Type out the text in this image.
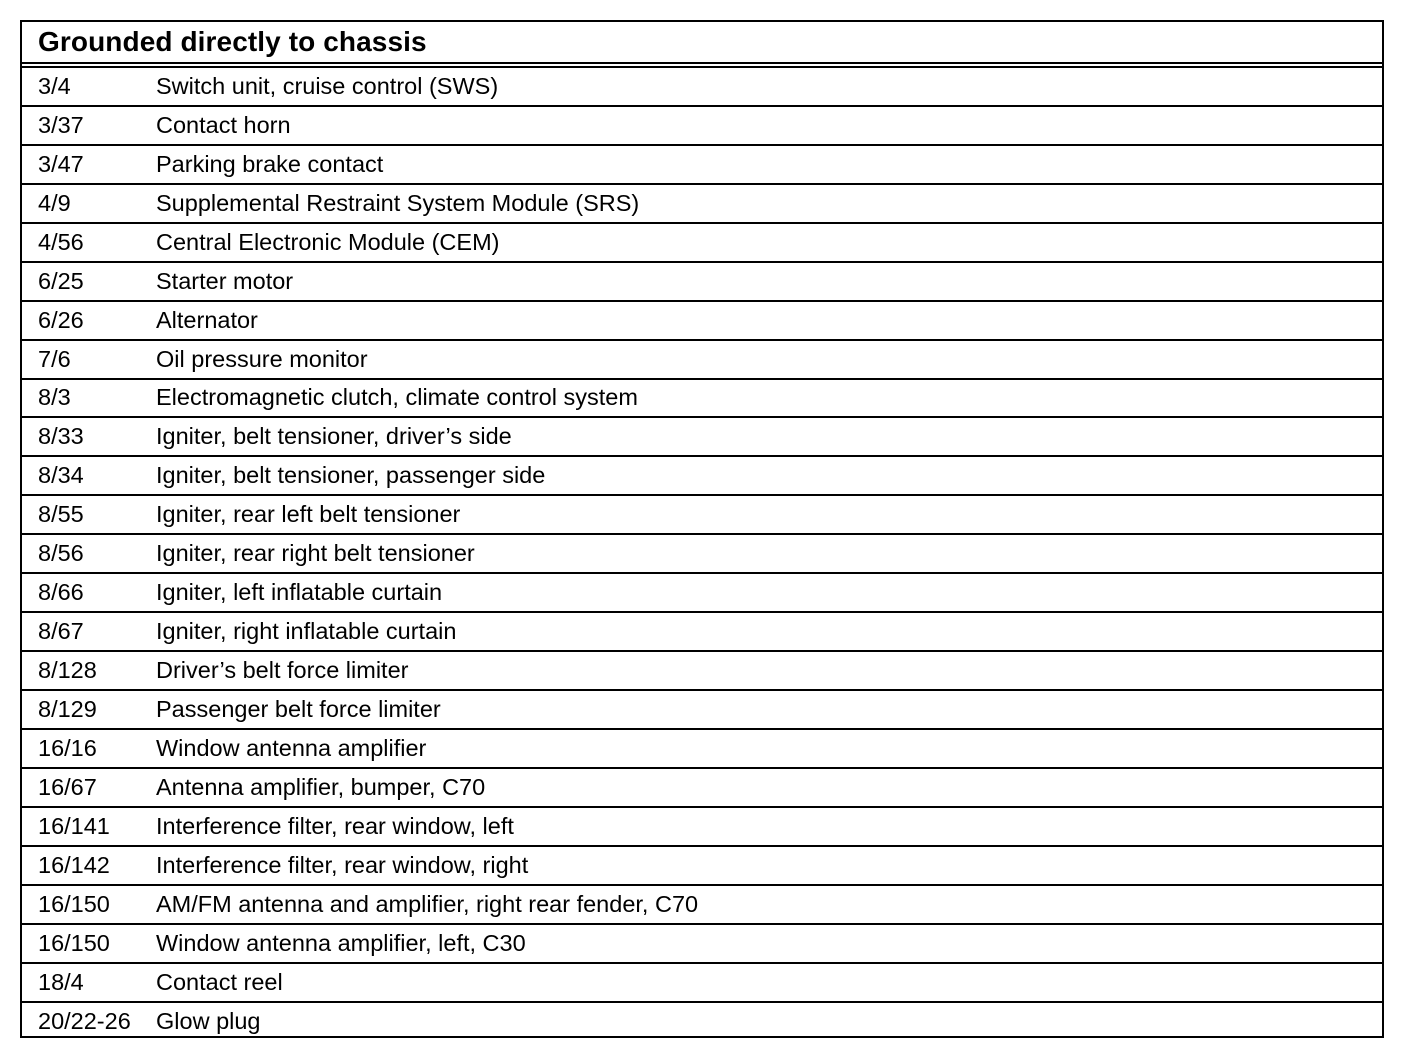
Grounded directly to chassis
3/4	Switch unit, cruise control (SWS)
3/37	Contact horn
3/47	Parking brake contact
4/9	Supplemental Restraint System Module (SRS)
4/56	Central Electronic Module (CEM)
6/25	Starter motor
6/26	Alternator
7/6	Oil pressure monitor
8/3	Electromagnetic clutch, climate control system
8/33	Igniter, belt tensioner, driver’s side
8/34	Igniter, belt tensioner, passenger side
8/55	Igniter, rear left belt tensioner
8/56	Igniter, rear right belt tensioner
8/66	Igniter, left inflatable curtain
8/67	Igniter, right inflatable curtain
8/128	Driver’s belt force limiter
8/129	Passenger belt force limiter
16/16	Window antenna amplifier
16/67	Antenna amplifier, bumper, C70
16/141	Interference filter, rear window, left
16/142	Interference filter, rear window, right
16/150	AM/FM antenna and amplifier, right rear fender, C70
16/150	Window antenna amplifier, left, C30
18/4	Contact reel
20/22-26	Glow plug
